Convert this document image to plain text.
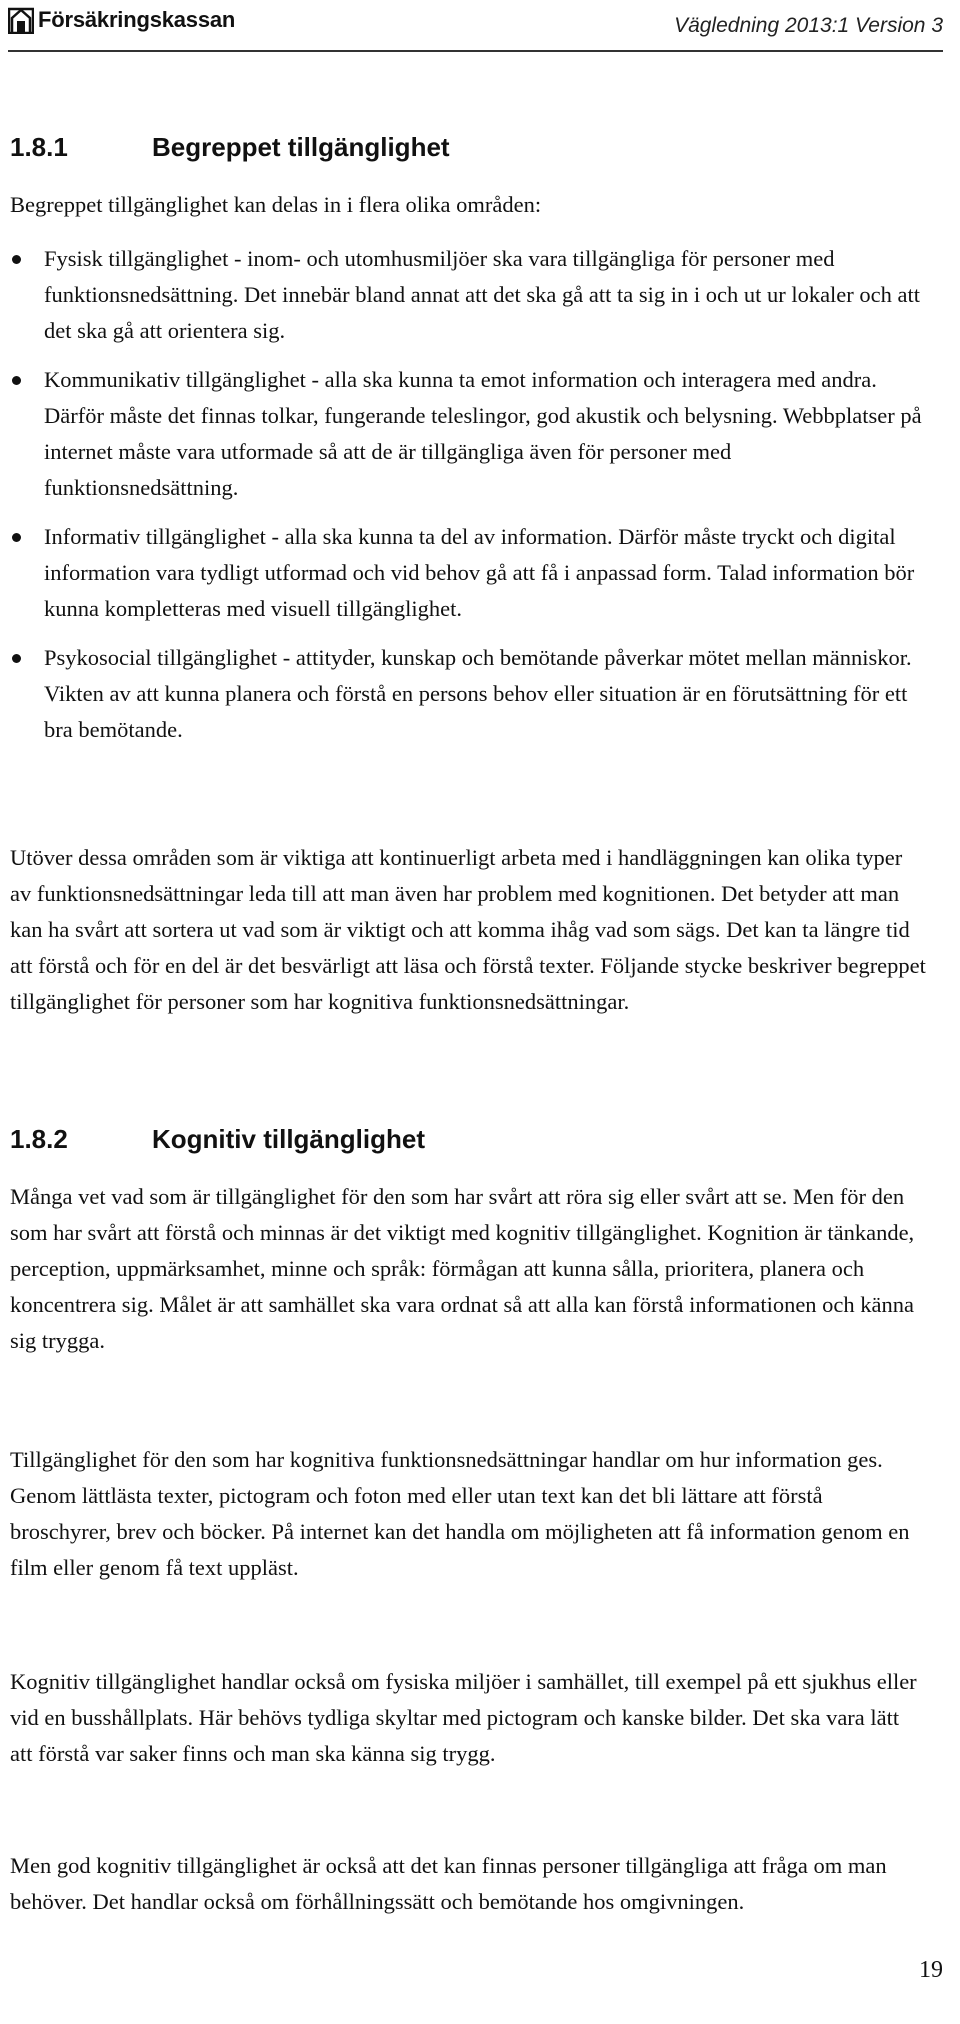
Försäkringskassan	Vägledning 2013:1 Version 3
1.8.1	Begreppet tillgänglighet

Begreppet tillgänglighet kan delas in i flera olika områden:

Fysisk tillgänglighet - inom- och utomhusmiljöer ska vara tillgängliga för personer med funktionsnedsättning. Det innebär bland annat att det ska gå att ta sig in i och ut ur lokaler och att det ska gå att orientera sig.
Kommunikativ tillgänglighet - alla ska kunna ta emot information och interagera med andra. Därför måste det finnas tolkar, fungerande teleslingor, god akustik och belysning. Webbplatser på internet måste vara utformade så att de är tillgängliga även för personer med funktionsnedsättning.
Informativ tillgänglighet - alla ska kunna ta del av information. Därför måste tryckt och digital information vara tydligt utformad och vid behov gå att få i anpassad form. Talad information bör kunna kompletteras med visuell tillgänglighet.
Psykosocial tillgänglighet - attityder, kunskap och bemötande påverkar mötet mellan människor. Vikten av att kunna planera och förstå en persons behov eller situation är en förutsättning för ett bra bemötande.

Utöver dessa områden som är viktiga att kontinuerligt arbeta med i handläggningen kan olika typer av funktionsnedsättningar leda till att man även har problem med kognitionen. Det betyder att man kan ha svårt att sortera ut vad som är viktigt och att komma ihåg vad som sägs. Det kan ta längre tid att förstå och för en del är det besvärligt att läsa och förstå texter. Följande stycke beskriver begreppet tillgänglighet för personer som har kognitiva funktionsnedsättningar.

1.8.2	Kognitiv tillgänglighet

Många vet vad som är tillgänglighet för den som har svårt att röra sig eller svårt att se. Men för den som har svårt att förstå och minnas är det viktigt med kognitiv tillgänglighet. Kognition är tänkande, perception, uppmärksamhet, minne och språk: förmågan att kunna sålla, prioritera, planera och koncentrera sig. Målet är att samhället ska vara ordnat så att alla kan förstå informationen och känna sig trygga.

Tillgänglighet för den som har kognitiva funktionsnedsättningar handlar om hur information ges. Genom lättlästa texter, pictogram och foton med eller utan text kan det bli lättare att förstå broschyrer, brev och böcker. På internet kan det handla om möjligheten att få information genom en film eller genom få text uppläst.

Kognitiv tillgänglighet handlar också om fysiska miljöer i samhället, till exempel på ett sjukhus eller vid en busshållplats. Här behövs tydliga skyltar med pictogram och kanske bilder. Det ska vara lätt att förstå var saker finns och man ska känna sig trygg.

Men god kognitiv tillgänglighet är också att det kan finnas personer tillgängliga att fråga om man behöver. Det handlar också om förhållningssätt och bemötande hos omgivningen.

19
